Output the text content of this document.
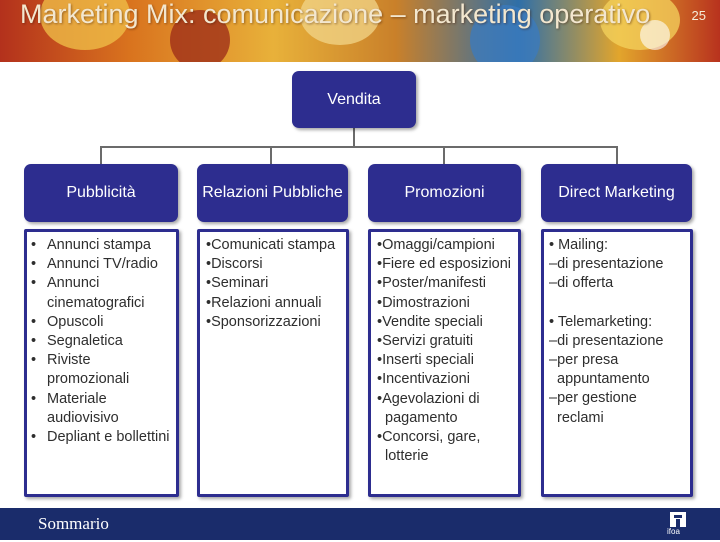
Marketing Mix: comunicazione – marketing operativo	25
Vendita
Pubblicità	Relazioni Pubbliche	Promozioni	Direct Marketing
• Annunci stampa
• Annunci TV/radio
• Annunci cinematografici
• Opuscoli
• Segnaletica
• Riviste promozionali
• Materiale audiovisivo
• Depliant e bollettini
•Comunicati stampa
•Discorsi
•Seminari
•Relazioni annuali
•Sponsorizzazioni
•Omaggi/campioni
•Fiere ed esposizioni
•Poster/manifesti
•Dimostrazioni
•Vendite speciali
•Servizi gratuiti
•Inserti speciali
•Incentivazioni
•Agevolazioni di pagamento
•Concorsi, gare, lotterie
• Mailing:
–di presentazione
–di offerta
• Telemarketing:
–di presentazione
–per presa appuntamento
–per gestione reclami
Sommario	ifoa
